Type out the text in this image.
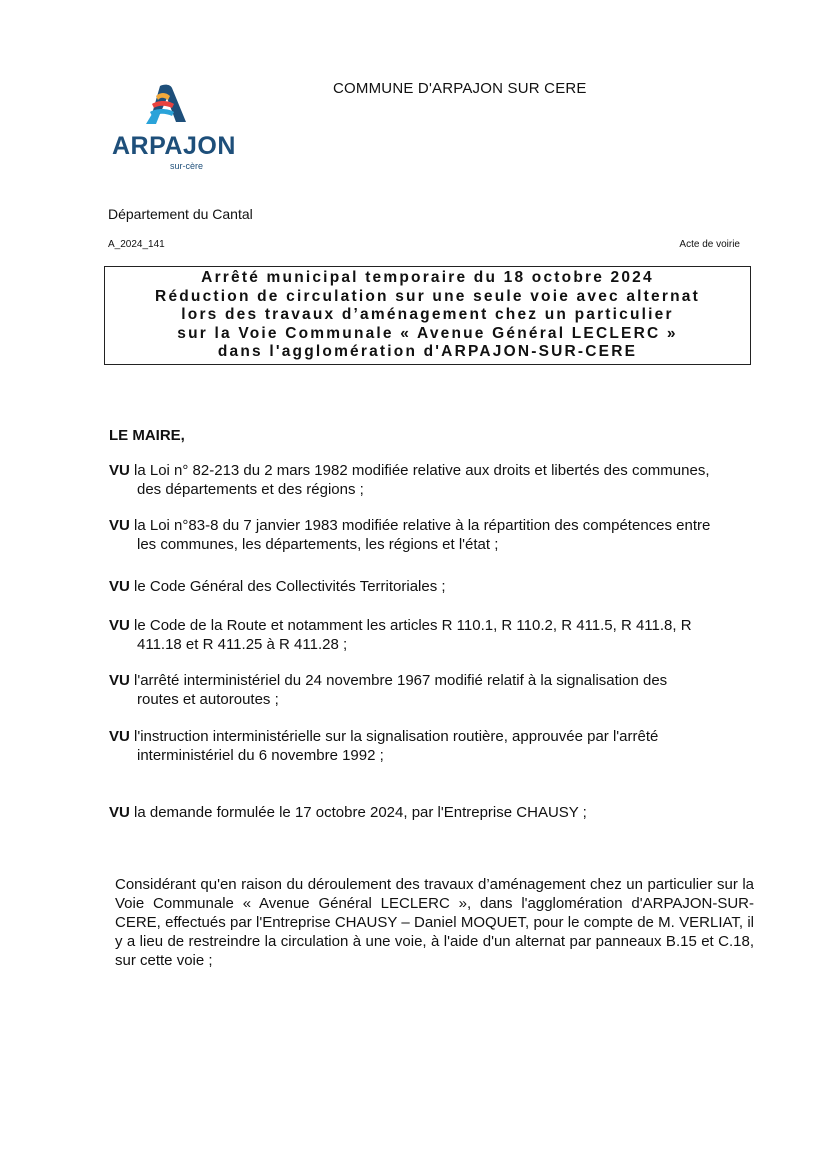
ARPAJON
sur-cère
COMMUNE D'ARPAJON SUR CERE
Département du Cantal
A_2024_141	Acte de voirie
Arrêté municipal temporaire du 18 octobre 2024
Réduction de circulation sur une seule voie avec alternat
lors des travaux d’aménagement chez un particulier
sur la Voie Communale « Avenue Général LECLERC »
dans l'agglomération d'ARPAJON-SUR-CERE
LE MAIRE,
VU la Loi n° 82-213 du 2 mars 1982 modifiée relative aux droits et libertés des communes,
des départements et des régions ;
VU la Loi n°83-8 du 7 janvier 1983 modifiée relative à la répartition des compétences entre
les communes, les départements, les régions et l'état ;
VU le Code Général des Collectivités Territoriales ;
VU le Code de la Route et notamment les articles R 110.1, R 110.2, R 411.5, R 411.8, R
411.18 et R 411.25 à R 411.28 ;
VU l'arrêté interministériel du 24 novembre 1967 modifié relatif à la signalisation des
routes et autoroutes ;
VU l'instruction interministérielle sur la signalisation routière, approuvée par l'arrêté
interministériel du 6 novembre 1992 ;
VU la demande formulée le 17 octobre 2024, par l'Entreprise CHAUSY ;
Considérant qu'en raison du déroulement des travaux d’aménagement chez un particulier sur la Voie Communale « Avenue Général LECLERC », dans l'agglomération d'ARPAJON-SUR-CERE, effectués par l'Entreprise CHAUSY – Daniel MOQUET, pour le compte de M. VERLIAT, il y a lieu de restreindre la circulation à une voie, à l'aide d'un alternat par panneaux B.15 et C.18, sur cette voie ;
